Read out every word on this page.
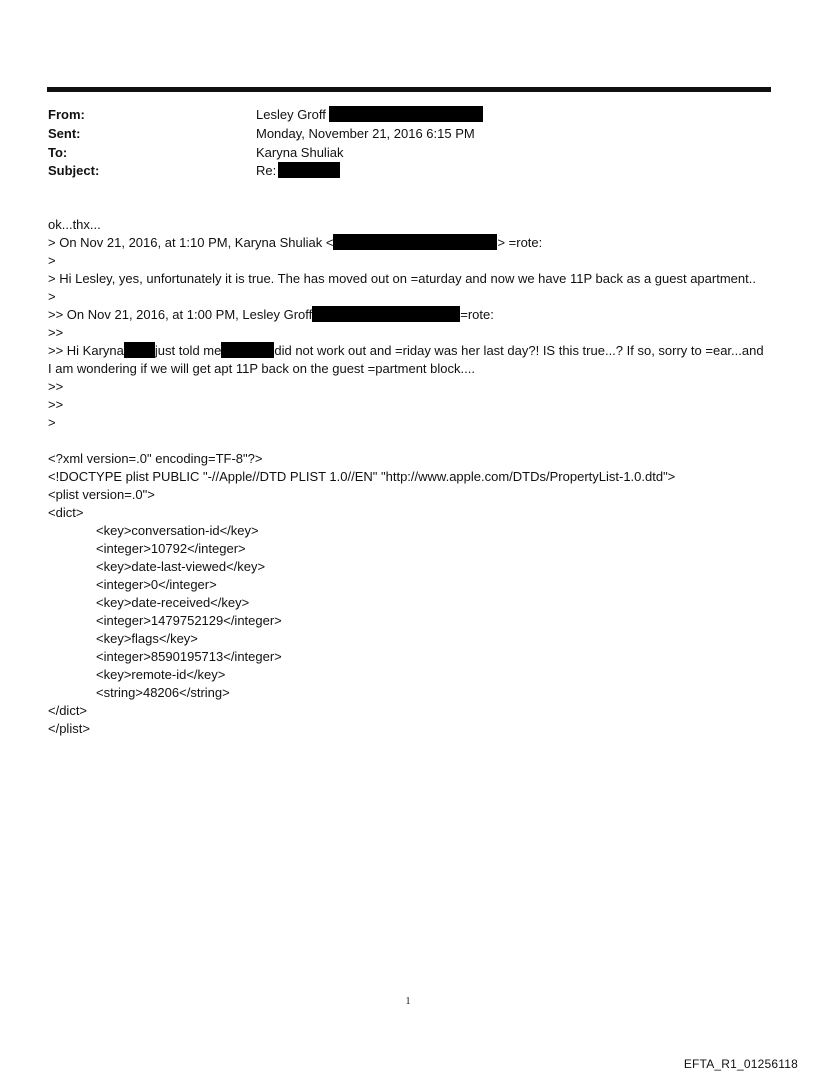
From:	Lesley Groff
Sent:	Monday, November 21, 2016 6:15 PM
To:	Karyna Shuliak
Subject:	Re:
ok...thx...
> On Nov 21, 2016, at 1:10 PM, Karyna Shuliak <	> =rote:
>
> Hi Lesley, yes, unfortunately it is true. The has moved out on =aturday and now we have 11P back as a guest apartment..
>
>> On Nov 21, 2016, at 1:00 PM, Lesley Groff	=rote:
>>
>> Hi Karyna just told me	did not work out and =riday was her last day?! IS this true...? If so, sorry to =ear...and I am wondering if we will get apt 11P back on the guest =partment block....
>>
>>
>
<?xml version=.0" encoding=TF-8"?>
<!DOCTYPE plist PUBLIC "-//Apple//DTD PLIST 1.0//EN" "http://www.apple.com/DTDs/PropertyList-1.0.dtd">
<plist version=.0">
<dict>
<key>conversation-id</key>
<integer>10792</integer>
<key>date-last-viewed</key>
<integer>0</integer>
<key>date-received</key>
<integer>1479752129</integer>
<key>flags</key>
<integer>8590195713</integer>
<key>remote-id</key>
<string>48206</string>
</dict>
</plist>
1
EFTA_R1_01256118
